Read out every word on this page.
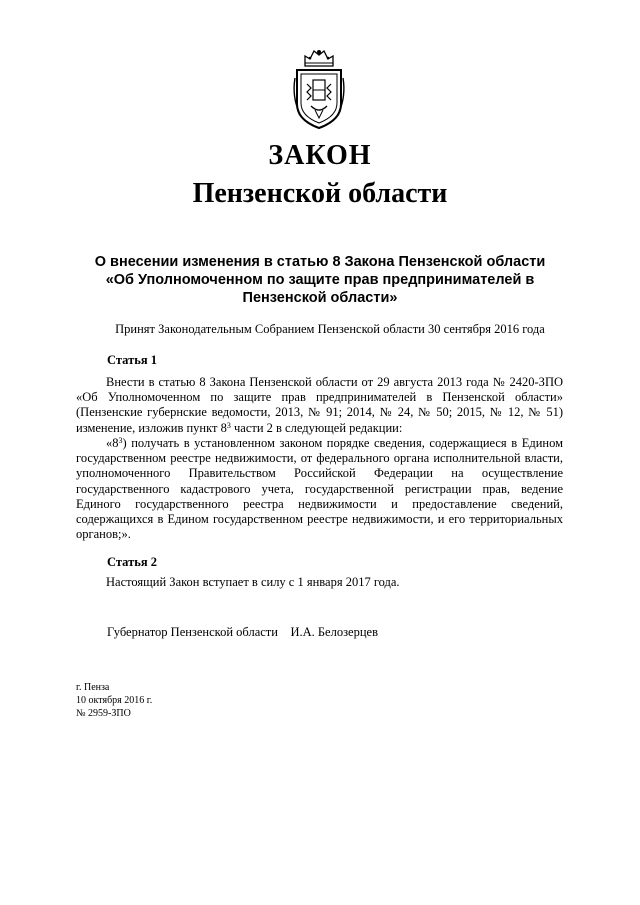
ЗАКОН
Пензенской области
О внесении изменения в статью 8 Закона Пензенской области
«Об Уполномоченном по защите прав предпринимателей в
Пензенской области»
Принят Законодательным Собранием Пензенской области 30 сентября 2016 года
Статья 1
Внести в статью 8 Закона Пензенской области от 29 августа 2013 года № 2420-ЗПО «Об Уполномоченном по защите прав предпринимателей в Пензенской области» (Пензенские губернские ведомости, 2013, № 91; 2014, № 24, № 50; 2015, № 12, № 51) изменение, изложив пункт $8^3$ части 2 в следующей редакции:
«$8^3$) получать в установленном законом порядке сведения, содержащиеся в Едином государственном реестре недвижимости, от федерального органа исполнительной власти, уполномоченного Правительством Российской Федерации на осуществление государственного кадастрового учета, государственной регистрации прав, ведение Единого государственного реестра недвижимости и предоставление сведений, содержащихся в Едином государственном реестре недвижимости, и его территориальных органов;».
Статья 2
Настоящий Закон вступает в силу с 1 января 2017 года.
Губернатор Пензенской области И.А. Белозерцев
г. Пенза
10 октября 2016 г.
№ 2959-ЗПО
